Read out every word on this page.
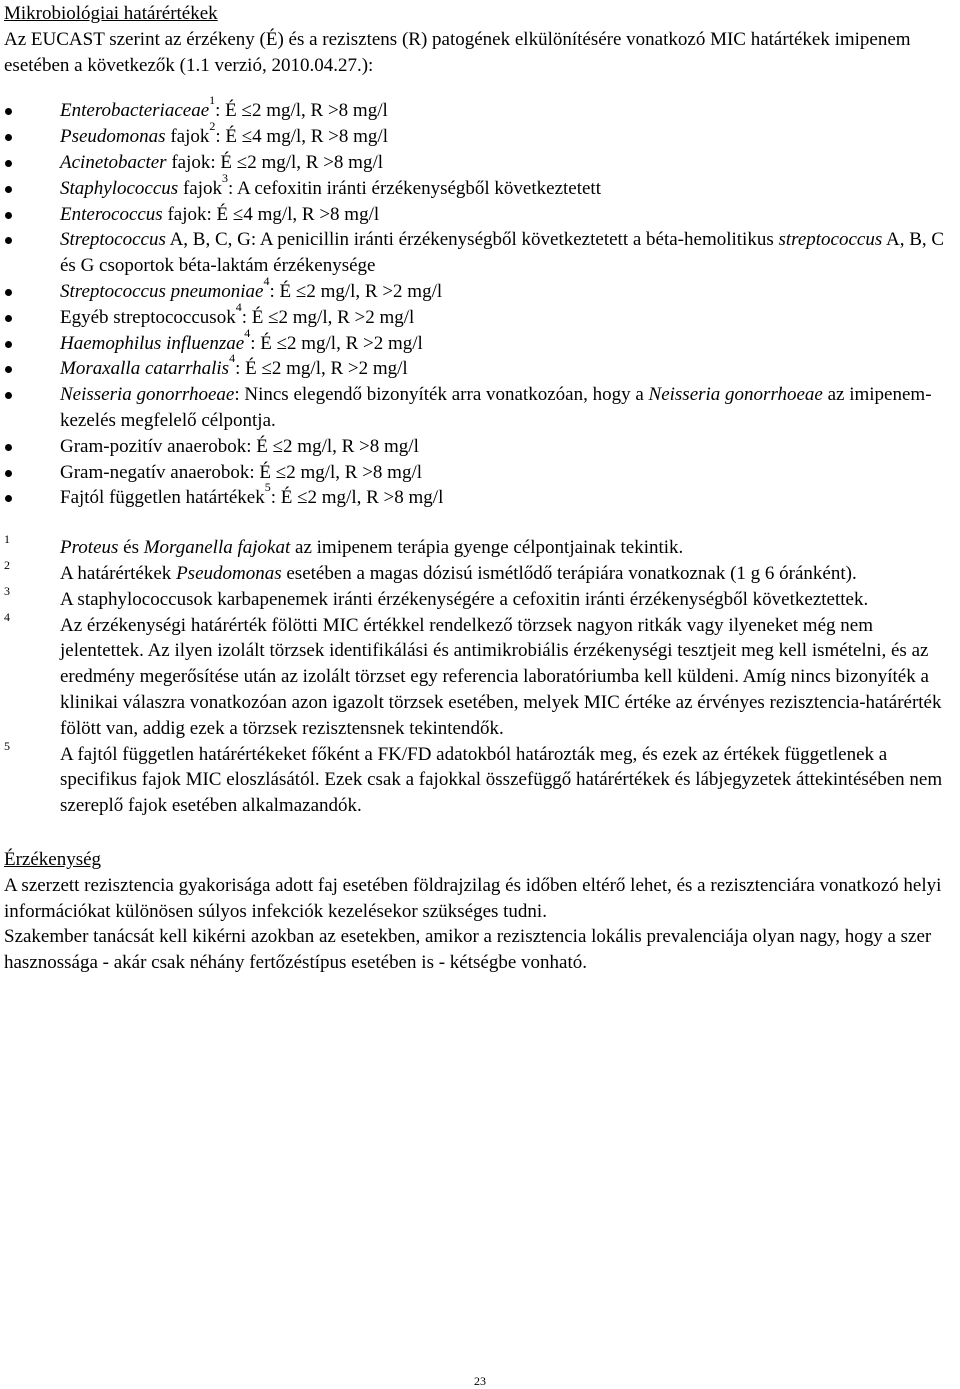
Mikrobiológiai határértékek

Az EUCAST szerint az érzékeny (É) és a rezisztens (R) patogének elkülönítésére vonatkozó MIC határtékek imipenem esetében a következők (1.1 verzió, 2010.04.27.):

Enterobacteriaceae$^1$: É ≤2 mg/l, R >8 mg/l
Pseudomonas fajok$^2$: É ≤4 mg/l, R >8 mg/l
Acinetobacter fajok: É ≤2 mg/l, R >8 mg/l
Staphylococcus fajok$^3$: A cefoxitin iránti érzékenységből következtetett
Enterococcus fajok: É ≤4 mg/l, R >8 mg/l
Streptococcus A, B, C, G: A penicillin iránti érzékenységből következtetett a béta-hemolitikus streptococcus A, B, C és G csoportok béta-laktám érzékenysége
Streptococcus pneumoniae$^4$: É ≤2 mg/l, R >2 mg/l
Egyéb streptococcusok$^4$: É ≤2 mg/l, R >2 mg/l
Haemophilus influenzae$^4$: É ≤2 mg/l, R >2 mg/l
Moraxalla catarrhalis$^4$: É ≤2 mg/l, R >2 mg/l
Neisseria gonorrhoeae: Nincs elegendő bizonyíték arra vonatkozóan, hogy a Neisseria gonorrhoeae az imipenem-kezelés megfelelő célpontja.
Gram-pozitív anaerobok: É ≤2 mg/l, R >8 mg/l
Gram-negatív anaerobok: É ≤2 mg/l, R >8 mg/l
Fajtól független határtékek$^5$: É ≤2 mg/l, R >8 mg/l

1	Proteus és Morganella fajokat az imipenem terápia gyenge célpontjainak tekintik.

2	A határértékek Pseudomonas esetében a magas dózisú ismétlődő terápiára vonatkoznak (1 g 6 óránként).

3	A staphylococcusok karbapenemek iránti érzékenységére a cefoxitin iránti érzékenységből következtettek.

4	Az érzékenységi határérték fölötti MIC értékkel rendelkező törzsek nagyon ritkák vagy ilyeneket még nem jelentettek. Az ilyen izolált törzsek identifikálási és antimikrobiális érzékenységi tesztjeit meg kell ismételni, és az eredmény megerősítése után az izolált törzset egy referencia laboratóriumba kell küldeni. Amíg nincs bizonyíték a klinikai válaszra vonatkozóan azon igazolt törzsek esetében, melyek MIC értéke az érvényes rezisztencia-határérték fölött van, addig ezek a törzsek rezisztensnek tekintendők.

5	A fajtól független határértékeket főként a FK/FD adatokból határozták meg, és ezek az értékek függetlenek a specifikus fajok MIC eloszlásától. Ezek csak a fajokkal összefüggő határértékek és lábjegyzetek áttekintésében nem szereplő fajok esetében alkalmazandók.

Érzékenység

A szerzett rezisztencia gyakorisága adott faj esetében földrajzilag és időben eltérő lehet, és a rezisztenciára vonatkozó helyi információkat különösen súlyos infekciók kezelésekor szükséges tudni.

Szakember tanácsát kell kikérni azokban az esetekben, amikor a rezisztencia lokális prevalenciája olyan nagy, hogy a szer hasznossága - akár csak néhány fertőzéstípus esetében is - kétségbe vonható.

23
